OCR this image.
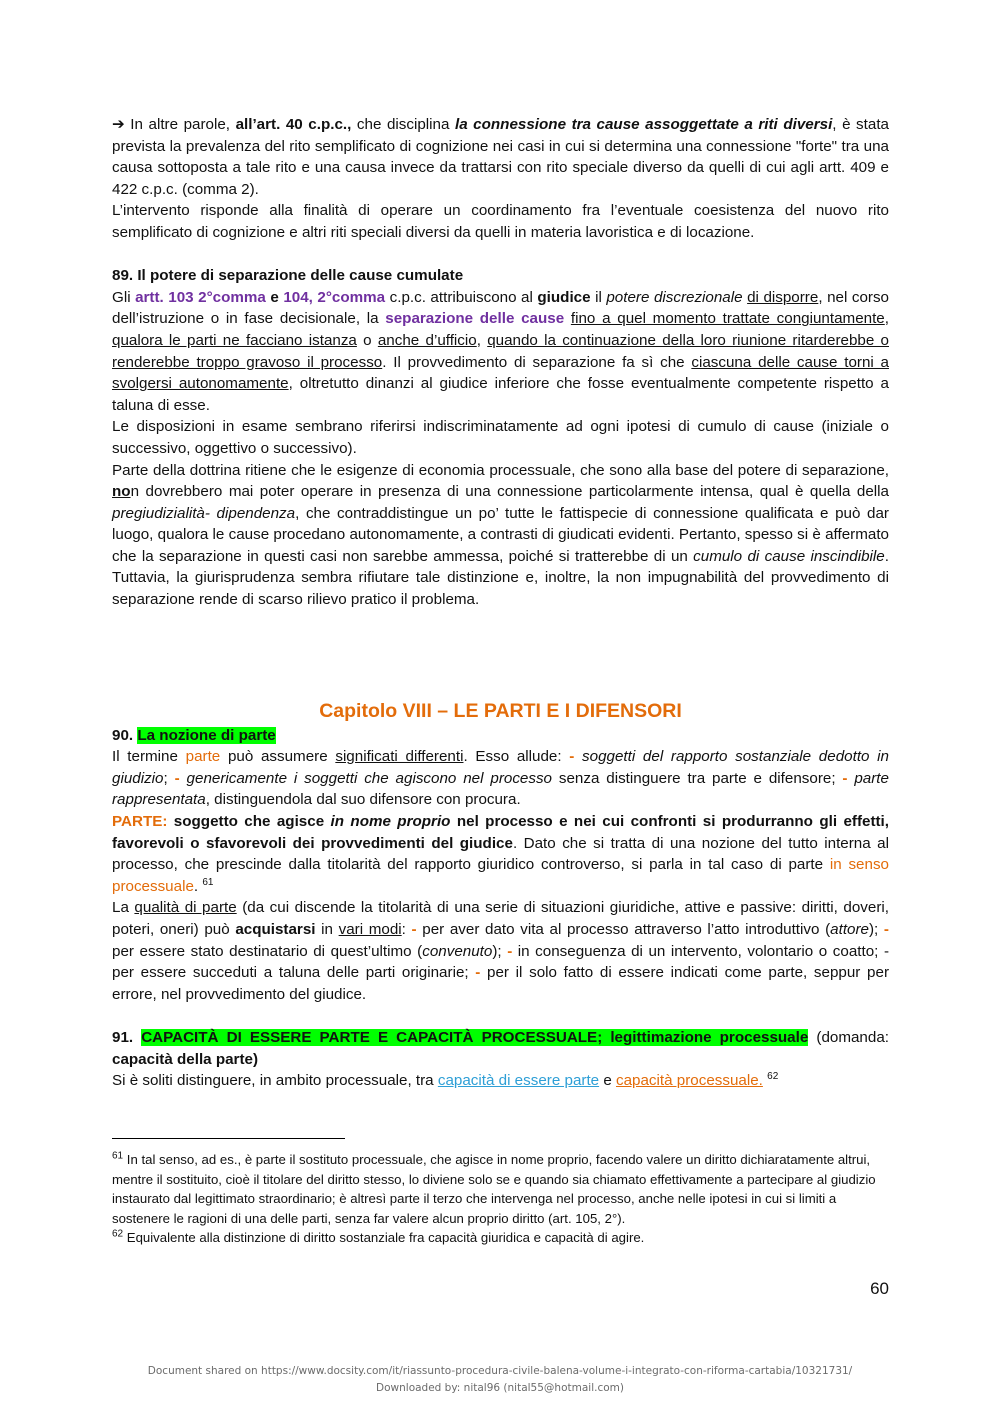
➔ In altre parole, all’art. 40 c.p.c., che disciplina la connessione tra cause assoggettate a riti diversi, è stata prevista la prevalenza del rito semplificato di cognizione nei casi in cui si determina una connessione "forte" tra una causa sottoposta a tale rito e una causa invece da trattarsi con rito speciale diverso da quelli di cui agli artt. 409 e 422 c.p.c. (comma 2).

L’intervento risponde alla finalità di operare un coordinamento fra l’eventuale coesistenza del nuovo rito semplificato di cognizione e altri riti speciali diversi da quelli in materia lavoristica e di locazione.

89. Il potere di separazione delle cause cumulate

Gli artt. 103 2°comma e 104, 2°comma c.p.c. attribuiscono al giudice il potere discrezionale di disporre, nel corso dell’istruzione o in fase decisionale, la separazione delle cause fino a quel momento trattate congiuntamente, qualora le parti ne facciano istanza o anche d’ufficio, quando la continuazione della loro riunione ritarderebbe o renderebbe troppo gravoso il processo. Il provvedimento di separazione fa sì che ciascuna delle cause torni a svolgersi autonomamente, oltretutto dinanzi al giudice inferiore che fosse eventualmente competente rispetto a taluna di esse.

Le disposizioni in esame sembrano riferirsi indiscriminatamente ad ogni ipotesi di cumulo di cause (iniziale o successivo, oggettivo o successivo).

Parte della dottrina ritiene che le esigenze di economia processuale, che sono alla base del potere di separazione, non dovrebbero mai poter operare in presenza di una connessione particolarmente intensa, qual è quella della pregiudizialità- dipendenza, che contraddistingue un po’ tutte le fattispecie di connessione qualificata e può dar luogo, qualora le cause procedano autonomamente, a contrasti di giudicati evidenti. Pertanto, spesso si è affermato che la separazione in questi casi non sarebbe ammessa, poiché si tratterebbe di un cumulo di cause inscindibile. Tuttavia, la giurisprudenza sembra rifiutare tale distinzione e, inoltre, la non impugnabilità del provvedimento di separazione rende di scarso rilievo pratico il problema.

Capitolo VIII – LE PARTI E I DIFENSORI

90. La nozione di parte

Il termine parte può assumere significati differenti. Esso allude: - soggetti del rapporto sostanziale dedotto in giudizio; - genericamente i soggetti che agiscono nel processo senza distinguere tra parte e difensore; - parte rappresentata, distinguendola dal suo difensore con procura.

PARTE: soggetto che agisce in nome proprio nel processo e nei cui confronti si produrranno gli effetti, favorevoli o sfavorevoli dei provvedimenti del giudice. Dato che si tratta di una nozione del tutto interna al processo, che prescinde dalla titolarità del rapporto giuridico controverso, si parla in tal caso di parte in senso processuale. $^{61}$

La qualità di parte (da cui discende la titolarità di una serie di situazioni giuridiche, attive e passive: diritti, doveri, poteri, oneri) può acquistarsi in vari modi: - per aver dato vita al processo attraverso l’atto introduttivo (attore); - per essere stato destinatario di quest’ultimo (convenuto); - in conseguenza di un intervento, volontario o coatto; - per essere succeduti a taluna delle parti originarie; - per il solo fatto di essere indicati come parte, seppur per errore, nel provvedimento del giudice.

91. CAPACITÀ DI ESSERE PARTE E CAPACITÀ PROCESSUALE; legittimazione processuale (domanda: capacità della parte)

Si è soliti distinguere, in ambito processuale, tra capacità di essere parte e capacità processuale. $^{62}$

$^{61}$ In tal senso, ad es., è parte il sostituto processuale, che agisce in nome proprio, facendo valere un diritto dichiaratamente altrui, mentre il sostituito, cioè il titolare del diritto stesso, lo diviene solo se e quando sia chiamato effettivamente a partecipare al giudizio instaurato dal legittimato straordinario; è altresì parte il terzo che intervenga nel processo, anche nelle ipotesi in cui si limiti a sostenere le ragioni di una delle parti, senza far valere alcun proprio diritto (art. 105, 2°).

$^{62}$ Equivalente alla distinzione di diritto sostanziale fra capacità giuridica e capacità di agire.

60
Document shared on https://www.docsity.com/it/riassunto-procedura-civile-balena-volume-i-integrato-con-riforma-cartabia/10321731/
Downloaded by: nital96 (nital55@hotmail.com)
